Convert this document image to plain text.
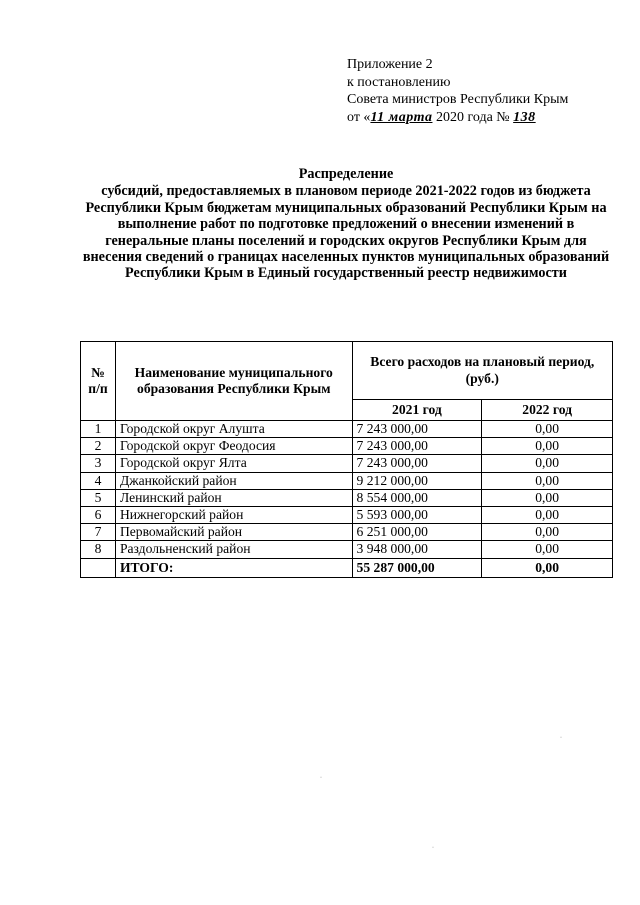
Приложение 2
к постановлению
Совета министров Республики Крым
от «11 марта 2020 года № 138
Распределение
субсидий, предоставляемых в плановом периоде 2021-2022 годов из бюджета Республики Крым бюджетам муниципальных образований Республики Крым на выполнение работ по подготовке предложений о внесении изменений в генеральные планы поселений и городских округов Республики Крым для внесения сведений о границах населенных пунктов муниципальных образований Республики Крым в Единый государственный реестр недвижимости
№ п/п	Наименование муниципального образования Республики Крым	Всего расходов на плановый период, (руб.)	
		2021 год	2022 год
1	Городской округ Алушта	7 243 000,00	0,00
2	Городской округ Феодосия	7 243 000,00	0,00
3	Городской округ Ялта	7 243 000,00	0,00
4	Джанкойский район	9 212 000,00	0,00
5	Ленинский район	8 554 000,00	0,00
6	Нижнегорский район	5 593 000,00	0,00
7	Первомайский район	6 251 000,00	0,00
8	Раздольненский район	3 948 000,00	0,00
	ИТОГО:	55 287 000,00	0,00
·
·
·
